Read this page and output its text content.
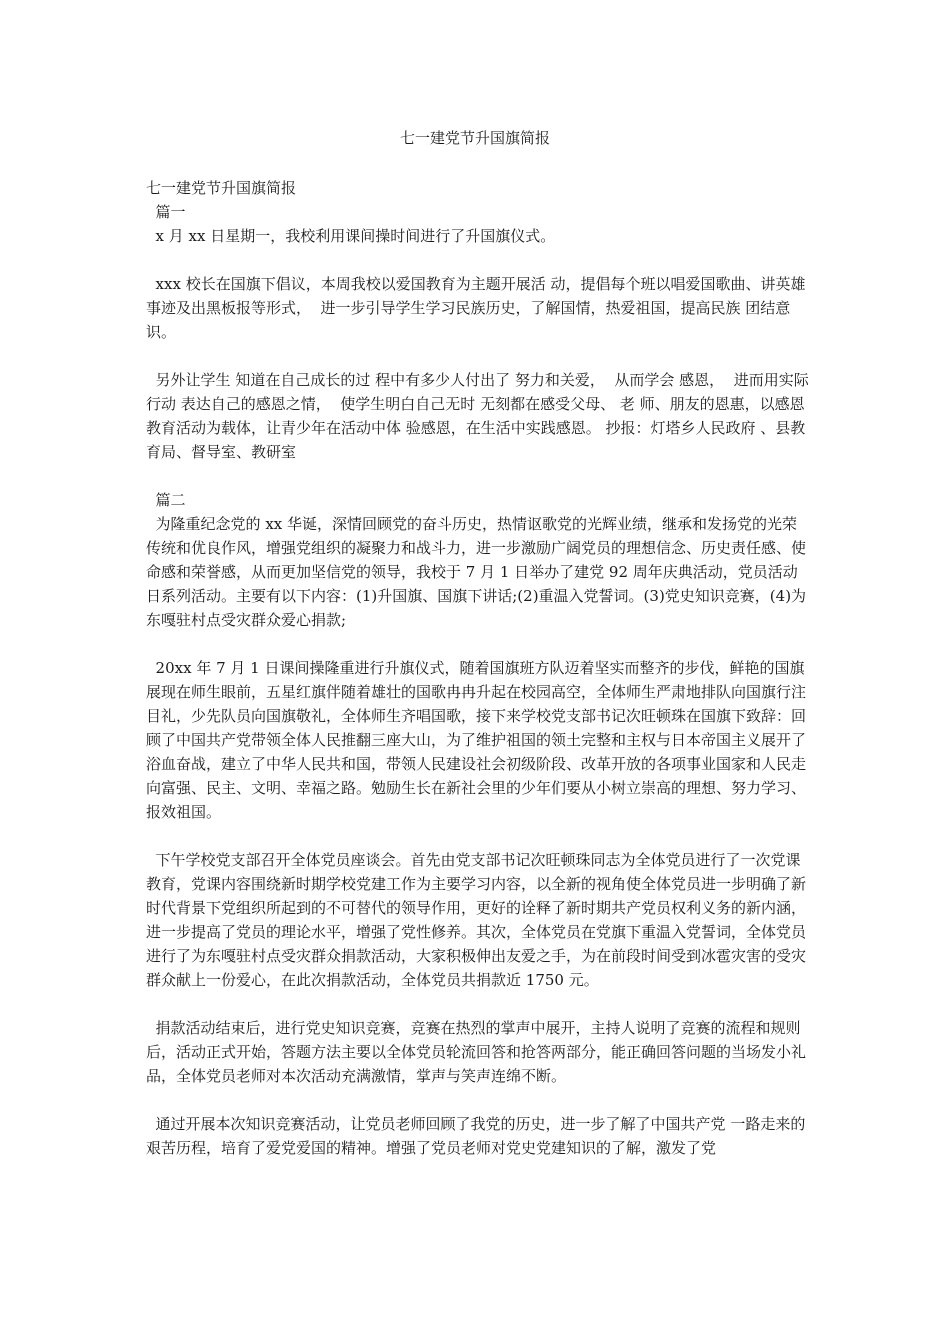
七一建党节升国旗简报

七一建党节升国旗简报

篇一

x 月 xx 日星期一，我校利用课间操时间进行了升国旗仪式。

xxx 校长在国旗下倡议，本周我校以爱国教育为主题开展活 动，提倡每个班以唱爱国歌曲、讲英雄事迹及出黑板报等形式，  进一步引导学生学习民族历史，了解国情，热爱祖国，提高民族 团结意识。

另外让学生 知道在自己成长的过 程中有多少人付出了 努力和关爱，  从而学会 感恩，  进而用实际行动 表达自己的感恩之情，  使学生明白自己无时 无刻都在感受父母、 老 师、朋友的恩惠，以感恩教育活动为载体，让青少年在活动中体 验感恩，在生活中实践感恩。 抄报：灯塔乡人民政府 、县教育局、督导室、教研室

篇二

为隆重纪念党的 xx 华诞，深情回顾党的奋斗历史，热情讴歌党的光辉业绩，继承和发扬党的光荣传统和优良作风，增强党组织的凝聚力和战斗力，进一步激励广阔党员的理想信念、历史责任感、使命感和荣誉感，从而更加坚信党的领导，我校于 7 月 1 日举办了建党 92 周年庆典活动，党员活动日系列活动。主要有以下内容：(1)升国旗、国旗下讲话;(2)重温入党誓词。(3)党史知识竞赛，(4)为东嘎驻村点受灾群众爱心捐款;

20xx 年 7 月 1 日课间操隆重进行升旗仪式，随着国旗班方队迈着坚实而整齐的步伐，鲜艳的国旗展现在师生眼前，五星红旗伴随着雄壮的国歌冉冉升起在校园高空，全体师生严肃地排队向国旗行注目礼，少先队员向国旗敬礼，全体师生齐唱国歌，接下来学校党支部书记次旺顿珠在国旗下致辞：回顾了中国共产党带领全体人民推翻三座大山，为了维护祖国的领土完整和主权与日本帝国主义展开了浴血奋战，建立了中华人民共和国，带领人民建设社会初级阶段、改革开放的各项事业国家和人民走向富强、民主、文明、幸福之路。勉励生长在新社会里的少年们要从小树立崇高的理想、努力学习、报效祖国。

下午学校党支部召开全体党员座谈会。首先由党支部书记次旺顿珠同志为全体党员进行了一次党课教育，党课内容围绕新时期学校党建工作为主要学习内容，以全新的视角使全体党员进一步明确了新时代背景下党组织所起到的不可替代的领导作用，更好的诠释了新时期共产党员权利义务的新内涵，进一步提高了党员的理论水平，增强了党性修养。其次，全体党员在党旗下重温入党誓词，全体党员进行了为东嘎驻村点受灾群众捐款活动，大家积极伸出友爱之手，为在前段时间受到冰雹灾害的受灾群众献上一份爱心，在此次捐款活动，全体党员共捐款近 1750 元。

捐款活动结束后，进行党史知识竞赛，竞赛在热烈的掌声中展开，主持人说明了竞赛的流程和规则后，活动正式开始，答题方法主要以全体党员轮流回答和抢答两部分，能正确回答问题的当场发小礼品，全体党员老师对本次活动充满激情，掌声与笑声连绵不断。

通过开展本次知识竞赛活动，让党员老师回顾了我党的历史，进一步了解了中国共产党 一路走来的艰苦历程，培育了爱党爱国的精神。增强了党员老师对党史党建知识的了解，激发了党
